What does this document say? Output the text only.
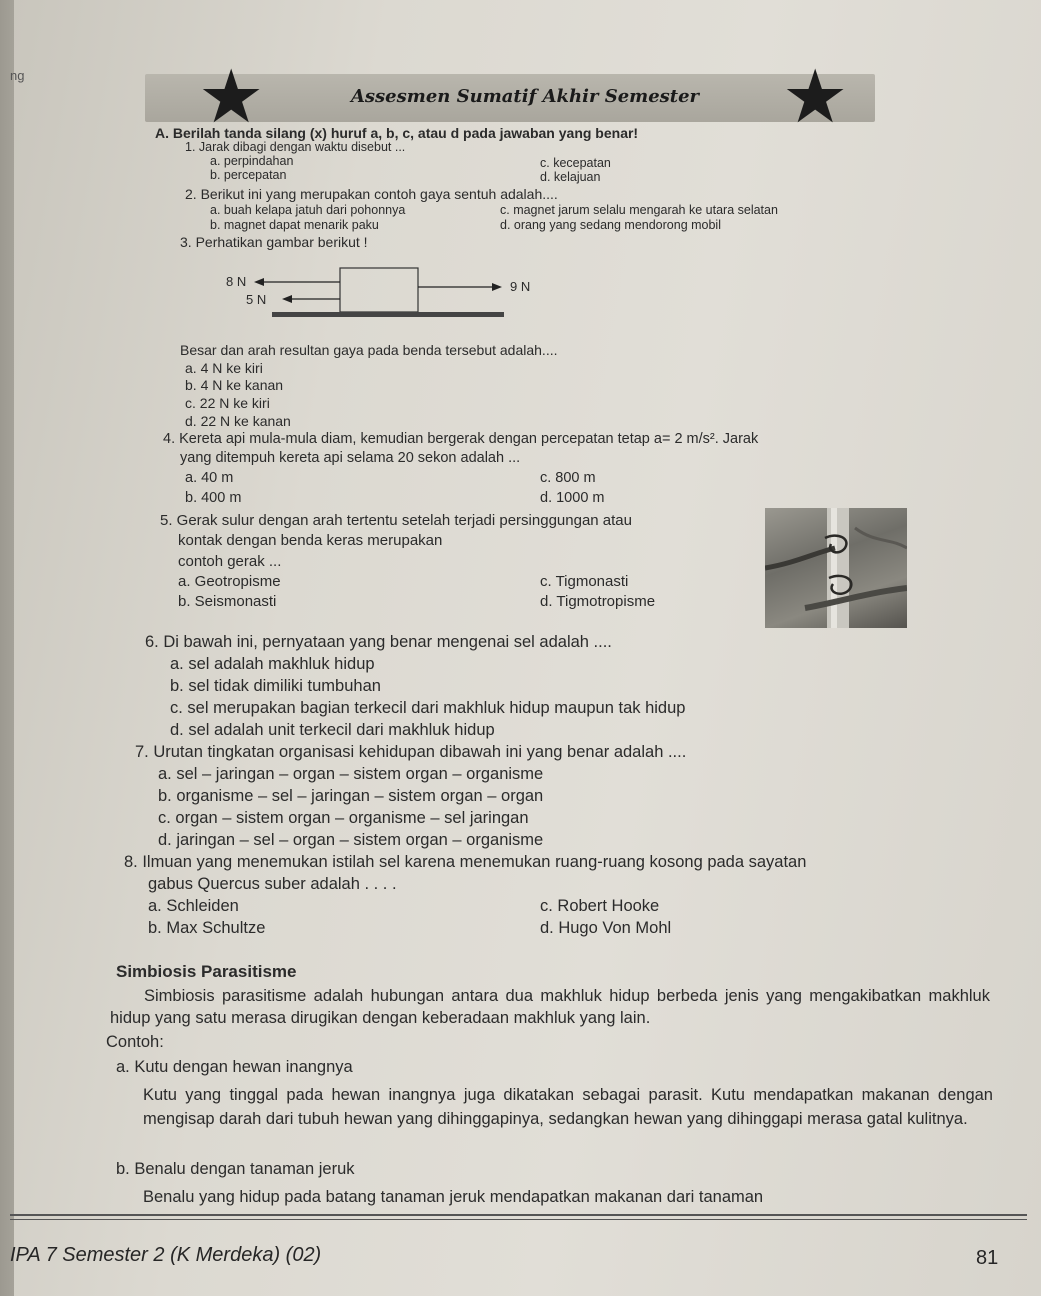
ng ★	★
Assesmen Sumatif Akhir Semester
A. Berilah tanda silang (x) huruf a, b, c, atau d pada jawaban yang benar!
1. Jarak dibagi dengan waktu disebut ...
a. perpindahan
b. percepatan
c. kecepatan
d. kelajuan
2. Berikut ini yang merupakan contoh gaya sentuh adalah....
a. buah kelapa jatuh dari pohonnya
b. magnet dapat menarik paku
c. magnet jarum selalu mengarah ke utara selatan
d. orang yang sedang mendorong mobil
3. Perhatikan gambar berikut !
8 N
5 N
9 N
Besar dan arah resultan gaya pada benda tersebut adalah....
a. 4 N ke kiri
b. 4 N ke kanan
c. 22 N ke kiri
d. 22 N ke kanan
4. Kereta api mula-mula diam, kemudian bergerak dengan percepatan tetap a= 2 m/s². Jarak
yang ditempuh kereta api selama 20 sekon adalah ...
a. 40 m
b. 400 m
c. 800 m
d. 1000 m
5. Gerak sulur dengan arah tertentu setelah terjadi persinggungan atau
kontak dengan benda keras merupakan
contoh gerak ...
a. Geotropisme
b. Seismonasti
c. Tigmonasti
d. Tigmotropisme
6. Di bawah ini, pernyataan yang benar mengenai sel adalah ....
a. sel adalah makhluk hidup
b. sel tidak dimiliki tumbuhan
c. sel merupakan bagian terkecil dari makhluk hidup maupun tak hidup
d. sel adalah unit terkecil dari makhluk hidup
7. Urutan tingkatan organisasi kehidupan dibawah ini yang benar adalah ....
a. sel – jaringan – organ – sistem organ – organisme
b. organisme – sel – jaringan – sistem organ – organ
c. organ – sistem organ – organisme – sel jaringan
d. jaringan – sel – organ – sistem organ – organisme
8. Ilmuan yang menemukan istilah sel karena menemukan ruang-ruang kosong pada sayatan
gabus Quercus suber adalah . . . .
a. Schleiden
b. Max Schultze
c. Robert Hooke
d. Hugo Von Mohl
Simbiosis Parasitisme
Simbiosis parasitisme adalah hubungan antara dua makhluk hidup berbeda jenis yang mengakibatkan makhluk hidup yang satu merasa dirugikan dengan keberadaan makhluk yang lain.
Contoh:
a. Kutu dengan hewan inangnya
Kutu yang tinggal pada hewan inangnya juga dikatakan sebagai parasit. Kutu mendapatkan makanan dengan mengisap darah dari tubuh hewan yang dihinggapinya, sedangkan hewan yang dihinggapi merasa gatal kulitnya.
b. Benalu dengan tanaman jeruk
Benalu yang hidup pada batang tanaman jeruk mendapatkan makanan dari tanaman
IPA 7 Semester 2 (K Merdeka) (02)	81
